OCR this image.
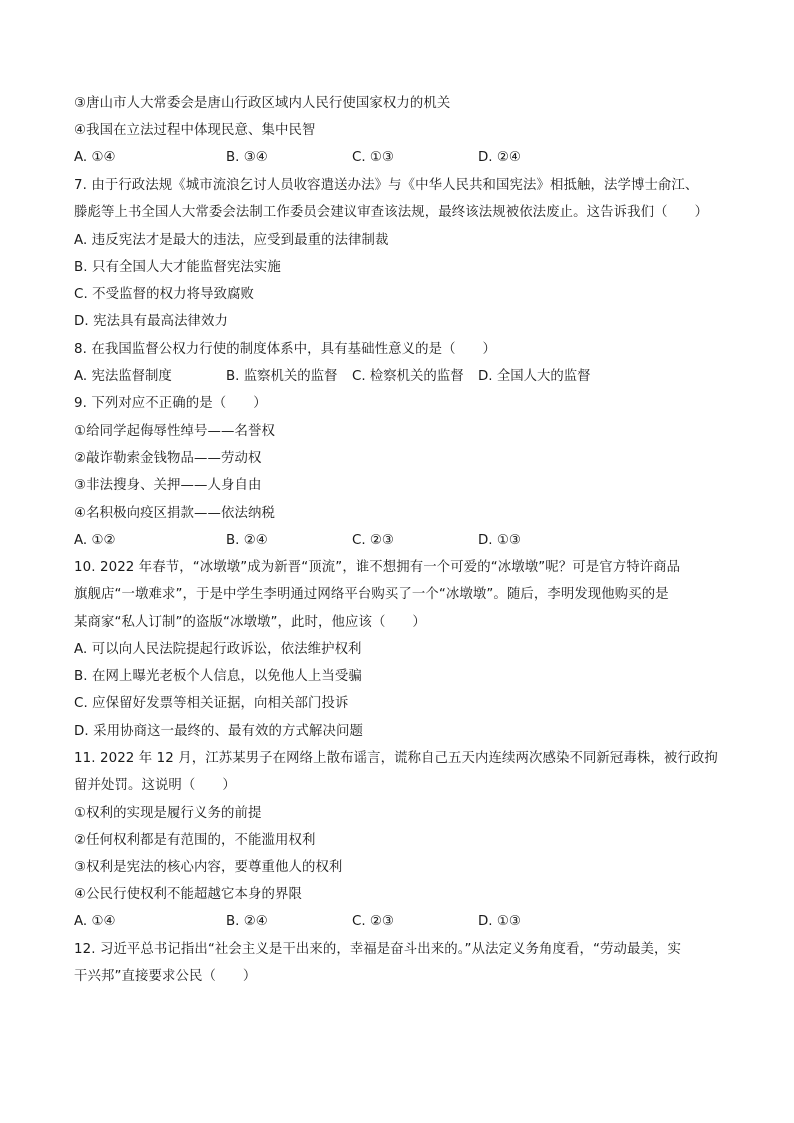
③唐山市人大常委会是唐山行政区域内人民行使国家权力的机关
④我国在立法过程中体现民意、集中民智
A. ①④	B. ③④	C. ①③	D. ②④
7. 由于行政法规《城市流浪乞讨人员收容遣送办法》与《中华人民共和国宪法》相抵触，法学博士俞江、
滕彪等上书全国人大常委会法制工作委员会建议审查该法规，最终该法规被依法废止。这告诉我们（　　）
A. 违反宪法才是最大的违法，应受到最重的法律制裁
B. 只有全国人大才能监督宪法实施
C. 不受监督的权力将导致腐败
D. 宪法具有最高法律效力
8. 在我国监督公权力行使的制度体系中，具有基础性意义的是（　　）
A. 宪法监督制度	B. 监察机关的监督 C. 检察机关的监督 D. 全国人大的监督
9. 下列对应不正确的是（　　）
①给同学起侮辱性绰号——名誉权
②敲诈勒索金钱物品——劳动权
③非法搜身、关押——人身自由
④名积极向疫区捐款——依法纳税
A. ①②	B. ②④	C. ②③	D. ①③
10. 2022 年春节，“冰墩墩”成为新晋“顶流”，谁不想拥有一个可爱的“冰墩墩”呢？可是官方特许商品
旗舰店“一墩难求”，于是中学生李明通过网络平台购买了一个“冰墩墩”。随后，李明发现他购买的是
某商家“私人订制”的盗版“冰墩墩”，此时，他应该（　　）
A. 可以向人民法院提起行政诉讼，依法维护权利
B. 在网上曝光老板个人信息，以免他人上当受骗
C. 应保留好发票等相关证据，向相关部门投诉
D. 采用协商这一最终的、最有效的方式解决问题
11. 2022 年 12 月，江苏某男子在网络上散布谣言，谎称自己五天内连续两次感染不同新冠毒株，被行政拘
留并处罚。这说明（　　）
①权利的实现是履行义务的前提
②任何权利都是有范围的，不能滥用权利
③权利是宪法的核心内容，要尊重他人的权利
④公民行使权利不能超越它本身的界限
A. ①④	B. ②④	C. ②③	D. ①③
12. 习近平总书记指出“社会主义是干出来的，幸福是奋斗出来的。”从法定义务角度看，“劳动最美，实
干兴邦”直接要求公民（　　）
